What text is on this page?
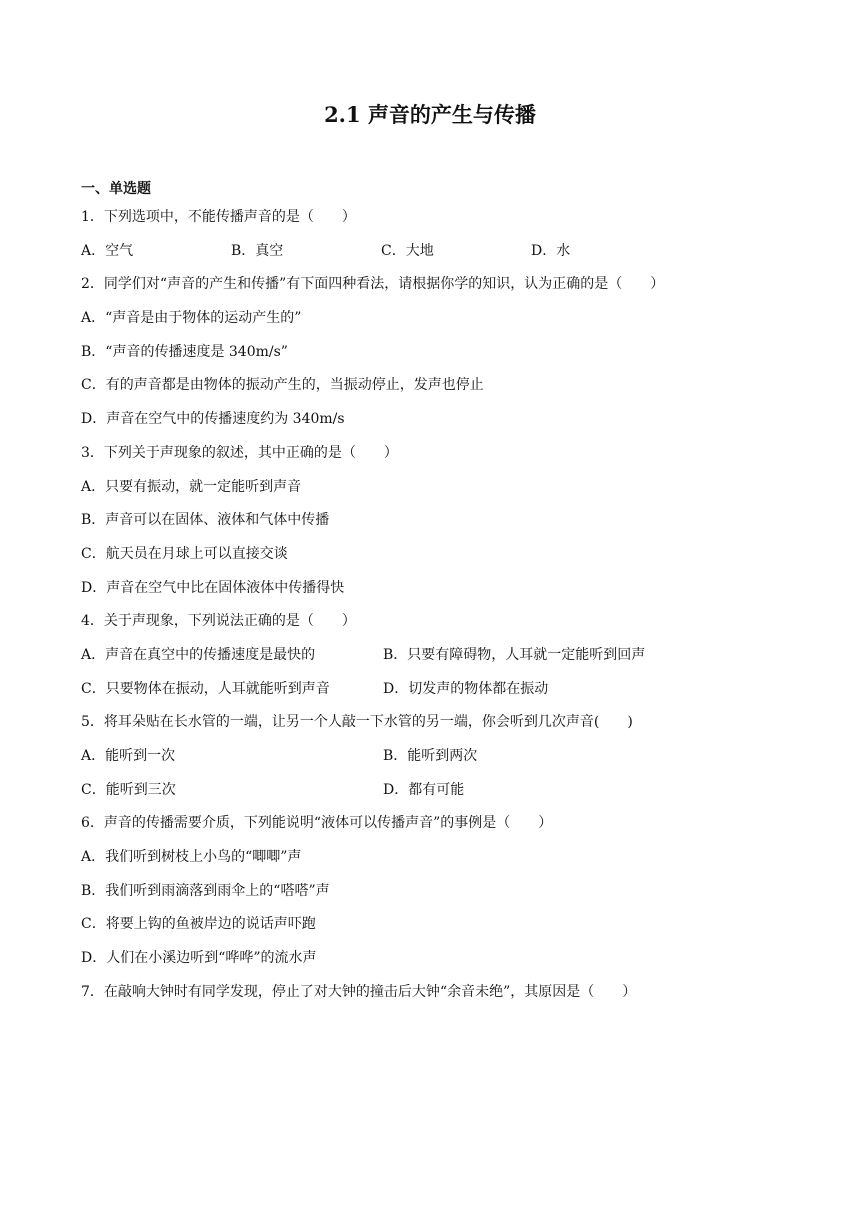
2.1 声音的产生与传播
一、单选题
1．下列选项中，不能传播声音的是（　　）
A．空气	B．真空	C．大地	D．水
2．同学们对“声音的产生和传播”有下面四种看法，请根据你学的知识，认为正确的是（　　）
A．“声音是由于物体的运动产生的”
B．“声音的传播速度是 340m/s”
C．有的声音都是由物体的振动产生的，当振动停止，发声也停止
D．声音在空气中的传播速度约为 340m/s
3．下列关于声现象的叙述，其中正确的是（　　）
A．只要有振动，就一定能听到声音
B．声音可以在固体、液体和气体中传播
C．航天员在月球上可以直接交谈
D．声音在空气中比在固体液体中传播得快
4．关于声现象，下列说法正确的是（　　）
A．声音在真空中的传播速度是最快的	B．只要有障碍物，人耳就一定能听到回声
C．只要物体在振动，人耳就能听到声音	D．切发声的物体都在振动
5．将耳朵贴在长水管的一端，让另一个人敲一下水管的另一端，你会听到几次声音(　　)
A．能听到一次	B．能听到两次
C．能听到三次	D．都有可能
6．声音的传播需要介质，下列能说明“液体可以传播声音”的事例是（　　）
A．我们听到树枝上小鸟的“唧唧”声
B．我们听到雨滴落到雨伞上的“嗒嗒”声
C．将要上钩的鱼被岸边的说话声吓跑
D．人们在小溪边听到“哗哗”的流水声
7．在敲响大钟时有同学发现，停止了对大钟的撞击后大钟“余音未绝”，其原因是（　　）
